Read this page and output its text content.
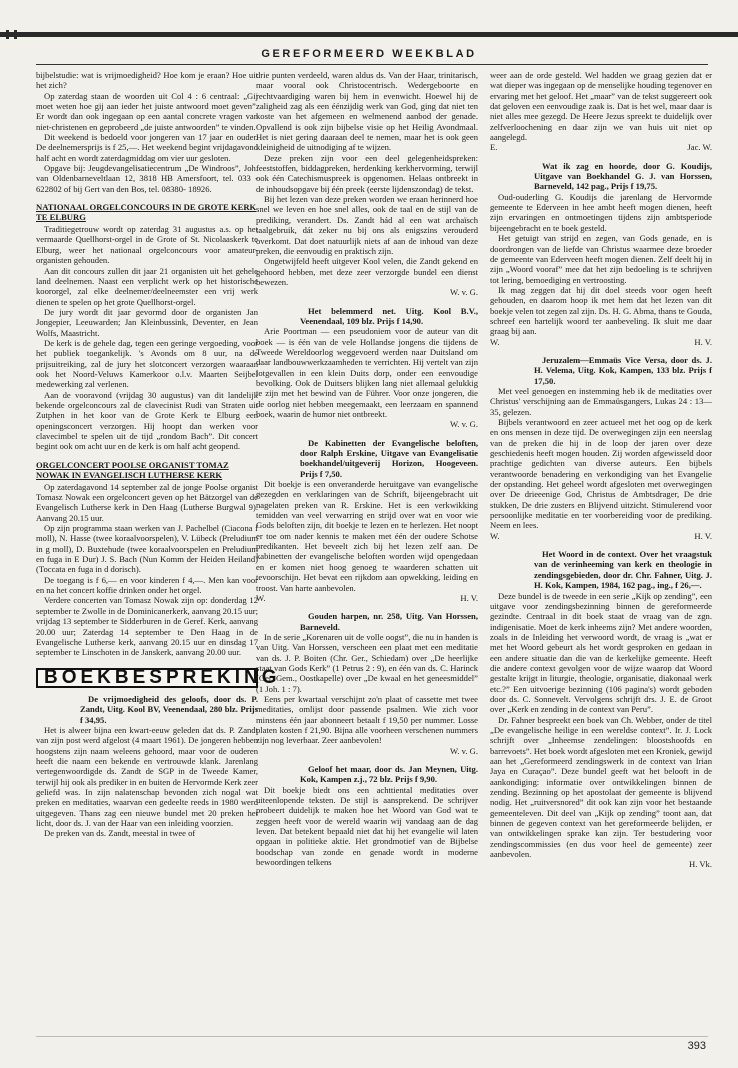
GEREFORMEERD WEEKBLAD

bijbelstudie: wat is vrijmoedigheid? Hoe kom je eraan? Hoe uit het zich?

Op zaterdag staan de woorden uit Col 4 : 6 centraal: „Gij moet weten hoe gij aan ieder het juiste antwoord moet geven”. Er wordt dan ook ingegaan op een aantal concrete vragen van niet-christenen en geprobeerd „de juiste antwoorden” te vinden.

Dit weekend is bedoeld voor jongeren van 17 jaar en ouder. De deelnemersprijs is f 25,—. Het weekend begint vrijdagavond half acht en wordt zaterdagmiddag om vier uur gesloten.

Opgave bij: Jeugdevangelisatiecentrum „De Windroos”, Joh. van Oldenbarneveltlaan 12, 3818 HB Amersfoort, tel. 033 - 622802 of bij Gert van den Bos, tel. 08380- 18926.

NATIONAAL ORGELCONCOURS IN DE GROTE KERK TE ELBURG

Traditiegetrouw wordt op zaterdag 31 augustus a.s. op het vermaarde Quellhorst-orgel in de Grote of St. Nicolaaskerk te Elburg, weer het nationaal orgelconcours voor amateur-organisten gehouden.

Aan dit concours zullen dit jaar 21 organisten uit het gehele land deelnemen. Naast een verplicht werk op het historische koororgel, zal elke deelnemer/deelneemster een vrij werk dienen te spelen op het grote Quellhorst-orgel.

De jury wordt dit jaar gevormd door de organisten Jan Jongepier, Leeuwarden; Jan Kleinbussink, Deventer, en Jean Wolfs, Maastricht.

De kerk is de gehele dag, tegen een geringe vergoeding, voor het publiek toegankelijk. 's Avonds om 8 uur, na de prijsuitreiking, zal de jury het slotconcert verzorgen waaraan ook het Noord-Veluws Kamerkoor o.l.v. Maarten Seijbel medewerking zal verlenen.

Aan de vooravond (vrijdag 30 augustus) van dit landelijk bekende orgelconcours zal de clavecinist Rudi van Straten uit Zutphen in het koor van de Grote Kerk te Elburg een openingsconcert verzorgen. Hij hoopt dan werken voor clavecimbel te spelen uit de tijd „rondom Bach”. Dit concert begint ook om acht uur en de kerk is om half acht geopend.

ORGELCONCERT POOLSE ORGANIST TOMAZ NOWAK IN EVANGELISCH LUTHERSE KERK

Op zaterdagavond 14 september zal de jonge Poolse organist Tomasz Nowak een orgelconcert geven op het Bätzorgel van de Evangelisch Lutherse kerk in Den Haag (Lutherse Burgwal 9). Aanvang 20.15 uur.

Op zijn programma staan werken van J. Pachelbel (Ciacona f moll), N. Hasse (twee koraalvoorspelen), V. Lübeck (Preludium in g moll), D. Buxtehude (twee koraalvoorspelen en Preludium en fuga in E Dur) J. S. Bach (Nun Komm der Heiden Heiland) (Toccata en fuga in d dorisch).

De toegang is f 6,— en voor kinderen f 4,—. Men kan voor en na het concert koffie drinken onder het orgel.

Verdere concerten van Tomasz Nowak zijn op: donderdag 12 september te Zwolle in de Dominicanerkerk, aanvang 20.15 uur; vrijdag 13 september te Sidderburen in de Geref. Kerk, aanvang 20.00 uur; Zaterdag 14 september te Den Haag in de Evangelische Lutherse kerk, aanvang 20.15 uur en dinsdag 17 september te Linschoten in de Janskerk, aanvang 20.00 uur.

BOEKBESPREKING

De vrijmoedigheid des geloofs, door ds. P. Zandt, Uitg. Kool BV, Veenendaal, 280 blz. Prijs f 34,95.

Het is alweer bijna een kwart-eeuw geleden dat ds. P. Zandt van zijn post werd afgelost (4 maart 1961). De jongeren hebben hoogstens zijn naam weleens gehoord, maar voor de ouderen heeft die naam een bekende en vertrouwde klank. Jarenlang vertegenwoordigde ds. Zandt de SGP in de Tweede Kamer, terwijl hij ook als prediker in en buiten de Hervormde Kerk zeer geliefd was. In zijn nalatenschap bevonden zich nogal wat preken en meditaties, waarvan een gedeelte reeds in 1980 werd uitgegeven. Thans zag een nieuwe bundel met 20 preken het licht, door ds. J. van der Haar van een inleiding voorzien.

De preken van ds. Zandt, meestal in twee of

drie punten verdeeld, waren aldus ds. Van der Haar, trinitarisch, maar vooral ook Christocentrisch. Wedergeboorte en rechtvaardiging waren bij hem in evenwicht. Hoewel hij de zaligheid zag als een éénzijdig werk van God, ging dat niet ten koste van het afgemeen en welmenend aanbod der genade. Opvallend is ook zijn bijbelse visie op het Heilig Avondmaal. Het is niet gering daaraan deel te nemen, maar het is ook geen kleinigheid de uitnodiging af te wijzen.

Deze preken zijn voor een deel gelegenheidspreken: feeststoffen, biddagpreken, herdenking kerkhervorming, terwijl ook één Catechismuspreek is opgenomen. Helaas ontbreekt in de inhoudsopgave bij één preek (eerste lijdenszondag) de tekst.

Bij het lezen van deze preken worden we eraan herinnerd hoe snel we leven en hoe snel alles, ook de taal en de stijl van de prediking, verandert. Ds. Zandt hád al een wat archaïsch taalgebruik, dát zeker nu bij ons als enigszins verouderd overkomt. Dat doet natuurlijk niets af aan de inhoud van deze preken, die eenvoudig en praktisch zijn.

Ongetwijfeld heeft uitgever Kool velen, die Zandt gekend en gehoord hebben, met deze zeer verzorgde bundel een dienst bewezen.

W. v. G.

Het belemmerd net. Uitg. Kool B.V., Veenendaal, 109 blz. Prijs f 14,90.

Arie Poortman — een pseudoniem voor de auteur van dit boek — is één van de vele Hollandse jongens die tijdens de Tweede Wereldoorlog weggevoerd werden naar Duitsland om daar landbouwwerkzaamheden te verrichten. Hij vertelt van zijn lotgevallen in een klein Duits dorp, onder een eenvoudige bevolking. Ook de Duitsers blijken lang niet allemaal gelukkig te zijn met het bewind van de Führer. Voor onze jongeren, die de oorlog niet hebben meegemaakt, een leerzaam en spannend boek, waarin de humor niet ontbreekt.

W. v. G.

De Kabinetten der Evangelische beloften, door Ralph Erskine, Uitgave van Evangelisatie boekhandel/uitgeverij Horizon, Hoogeveen. Prijs f 7,50.

Dit boekje is een onveranderde heruitgave van evangelische gezegden en verklaringen van de Schrift, bijeengebracht uit nagelaten preken van R. Erskine. Het is een verkwikking temidden van veel verwarring en strijd over wat en voor wie Gods beloften zijn, dit boekje te lezen en te herlezen. Het noopt er toe om nader kennis te maken met één der oudere Schotse predikanten. Het beveelt zich bij het lezen zelf aan. De kabinetten der evangelische beloften worden wijd opengedaan en er komen niet hoog genoeg te waarderen schatten uit tevoorschijn. Het bevat een rijkdom aan opwekking, leiding en troost. Van harte aanbevolen.

W.	H. V.

Gouden harpen, nr. 258, Uitg. Van Horssen, Barneveld.

In de serie „Korenaren uit de volle oogst”, die nu in handen is van Uitg. Van Horssen, verscheen een plaat met een meditatie van ds. J. P. Boiten (Chr. Ger., Schiedam) over „De heerlijke staat van Gods Kerk” (1 Petrus 2 : 9), en één van ds. C. Harinck (Ger. Gem., Oostkapelle) over „De kwaal en het geneesmiddel” (1 Joh. 1 : 7).

Eens per kwartaal verschijnt zo'n plaat of cassette met twee meditaties, omlijst door passende psalmen. Wie zich voor minstens één jaar abonneert betaalt f 19,50 per nummer. Losse platen kosten f 21,90. Bijna alle voorheen verschenen nummers zijn nog leverbaar. Zeer aanbevolen!

W. v. G.

Geloof het maar, door ds. Jan Meynen, Uitg. Kok, Kampen z.j., 72 blz. Prijs f 9,90.

Dit boekje biedt ons een achttiental meditaties over uiteenlopende teksten. De stijl is aansprekend. De schrijver probeert duidelijk te maken hoe het Woord van God wat te zeggen heeft voor de wereld waarin wij vandaag aan de dag leven. Dat betekent bepaald niet dat hij het evangelie wil laten opgaan in politieke aktie. Het grondmotief van de Bijbelse boodschap van zonde en genade wordt in moderne bewoordingen telkens

weer aan de orde gesteld. Wel hadden we graag gezien dat er wat dieper was ingegaan op de menselijke houding tegenover en ervaring met het geloof. Het „maar” van de tekst suggereert ook dat geloven een eenvoudige zaak is. Dat is het wel, maar daar is niet alles mee gezegd. De Heere Jezus spreekt te duidelijk over zelfverloochening en daar zijn we van huis uit niet op aangelegd.

E.	Jac. W.

Wat ik zag en hoorde, door G. Koudijs, Uitgave van Boekhandel G. J. van Horssen, Barneveld, 142 pag., Prijs f 19,75.

Oud-ouderling G. Koudijs die jarenlang de Hervormde gemeente te Ederveen in hee ambt heeft mogen dienen, heeft zijn ervaringen en ontmoetingen tijdens zijn ambtsperiode bijeengebracht en te boek gesteld.

Het getuigt van strijd en zegen, van Gods genade, en is doordrongen van de liefde van Christus waarmee deze broeder de gemeente van Ederveen heeft mogen dienen. Zelf deelt hij in zijn „Woord vooraf” mee dat het zijn bedoeling is te schrijven tot lering, bemoediging en vertroosting.

Ik mag zeggen dat hij dit doel steeds voor ogen heeft gehouden, en daarom hoop ik met hem dat het lezen van dit boekje velen tot zegen zal zijn. Ds. H. G. Abma, thans te Gouda, schreef een hartelijk woord ter aanbeveling. Ik sluit me daar graag bij aan.

W.	H. V.

Jeruzalem—Emmaüs Vice Versa, door ds. J. H. Velema, Uitg. Kok, Kampen, 133 blz. Prijs f 17,50.

Met veel genoegen en instemming heb ik de meditaties over Christus' verschijning aan de Emmaüsgangers, Lukas 24 : 13—35, gelezen.

Bijbels verantwoord en zeer actueel met het oog op de kerk en ons mensen in deze tijd. De overwegingen zijn een neerslag van de preken die hij in de loop der jaren over deze geschiedenis heeft mogen houden. Zij worden afgewisseld door prachtige gedichten van diverse auteurs. Een bijbels verantwoorde benadering en verkondiging van het Evangelie der opstanding. Het geheel wordt afgesloten met overwegingen over De drieeenige God, Christus de Ambtsdrager, De drie stukken, De drie zusters en Blijvend uitzicht. Stimulerend voor persoonlijke meditatie en ter voorbereiding voor de prediking. Neem en lees.

W.	H. V.

Het Woord in de context. Over het vraagstuk van de verinheeming van kerk en theologie in zendingsgebieden, door dr. Chr. Fahner, Uitg. J. H. Kok, Kampen, 1984, 162 pag., ing., f 26,—.

Deze bundel is de tweede in een serie „Kijk op zending”, een uitgave voor zendingsbezinning binnen de gereformeerde gezindte. Centraal in dit boek staat de vraag van de zgn. indigenisatie. Moet de kerk inheems zijn? Met andere woorden, zoals in de Inleiding het verwoord wordt, de vraag is „wat er met het Woord gebeurt als het wordt gesproken en gedaan in een andere situatie dan die van de kerkelijke gemeente. Heeft die andere context gevolgen voor de wijze waarop dat Woord gestalte krijgt in liturgie, theologie, organisatie, diakonaal werk etc.?” Een uitvoerige bezinning (106 pagina's) wordt geboden door ds. C. Sonnevelt. Vervolgens schrijft drs. J. E. de Groot over „Kerk en zending in de context van Peru”.

Dr. Fahner bespreekt een boek van Ch. Webber, onder de titel „De evangelische heilige in een wereldse context”. Ir. J. Lock schrijft over „Inheemse zendelingen: bloostshoofds en barrevoets”. Het boek wordt afgesloten met een Kroniek, gewijd aan het „Gereformeerd zendingswerk in de context van Irian Jaya en Curaçao”. Deze bundel geeft wat het belooft in de aankondiging: informatie over ontwikkelingen binnen de zending. Bezinning op het apostolaat der gemeente is blijvend nodig. Het „ruitversnored” dit ook kan zijn voor het bestaande gemeenteleven. Dit deel van „Kijk op zending” toont aan, dat binnen de gegeven context van het gereformeerde belijden, er van ontwikkelingen sprake kan zijn. Ter bestudering voor zendingscommissies (en dus voor heel de gemeente) zeer aanbevolen.

H. Vk.

393
